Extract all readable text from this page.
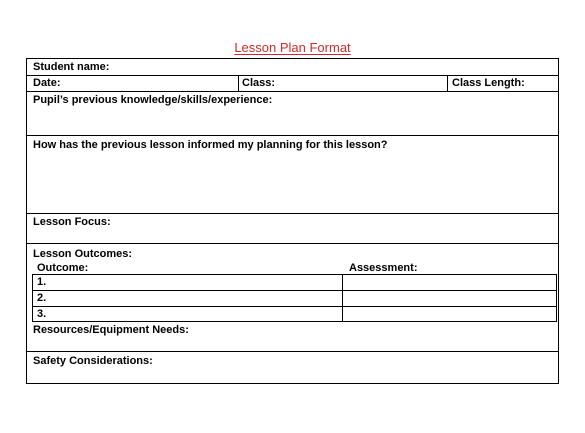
Lesson Plan Format
Student name:
Date:	Class:	Class Length:
Pupil’s previous knowledge/skills/experience:
How has the previous lesson informed my planning for this lesson?
Lesson Focus:
Lesson Outcomes:
Outcome:	Assessment:
1.
2.
3.
Resources/Equipment Needs:
Safety Considerations:
